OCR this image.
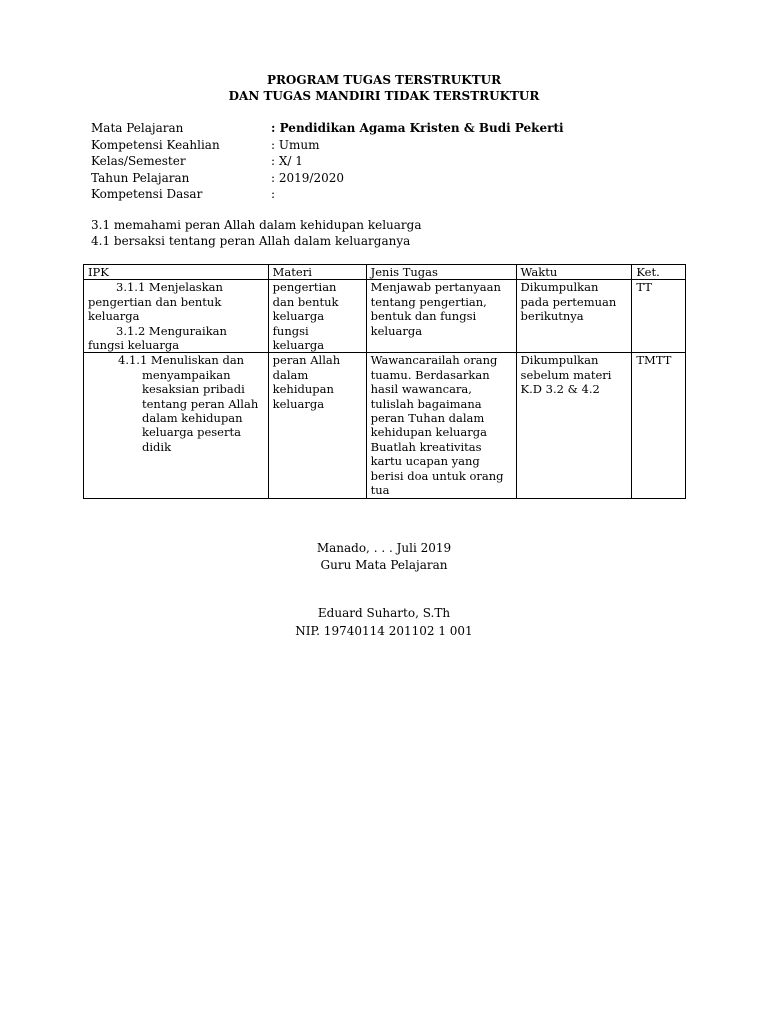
PROGRAM TUGAS TERSTRUKTUR
DAN TUGAS MANDIRI TIDAK TERSTRUKTUR
Mata Pelajaran	: Pendidikan Agama Kristen & Budi Pekerti
Kompetensi Keahlian	: Umum
Kelas/Semester	: X/ 1
Tahun Pelajaran	: 2019/2020
Kompetensi Dasar	:
3.1 memahami peran Allah dalam kehidupan keluarga
4.1 bersaksi tentang peran Allah dalam keluarganya
IPK	Materi	Jenis Tugas	Waktu	Ket.

3.1.1 Menjelaskan pengertian dan bentuk keluarga
3.1.2 Menguraikan fungsi keluarga	pengertian dan bentuk keluarga fungsi keluarga	Menjawab pertanyaan tentang pengertian, bentuk dan fungsi keluarga	Dikumpulkan pada pertemuan berikutnya	TT

4.1.1 Menuliskan dan menyampaikan kesaksian pribadi tentang peran Allah dalam kehidupan keluarga peserta didik	peran Allah dalam kehidupan keluarga	Wawancarailah orang tuamu. Berdasarkan hasil wawancara, tulislah bagaimana peran Tuhan dalam kehidupan keluarga Buatlah kreativitas kartu ucapan yang berisi doa untuk orang tua	Dikumpulkan sebelum materi K.D 3.2 & 4.2	TMTT
Manado, . . . Juli 2019
Guru Mata Pelajaran
Eduard Suharto, S.Th
NIP. 19740114 201102 1 001
